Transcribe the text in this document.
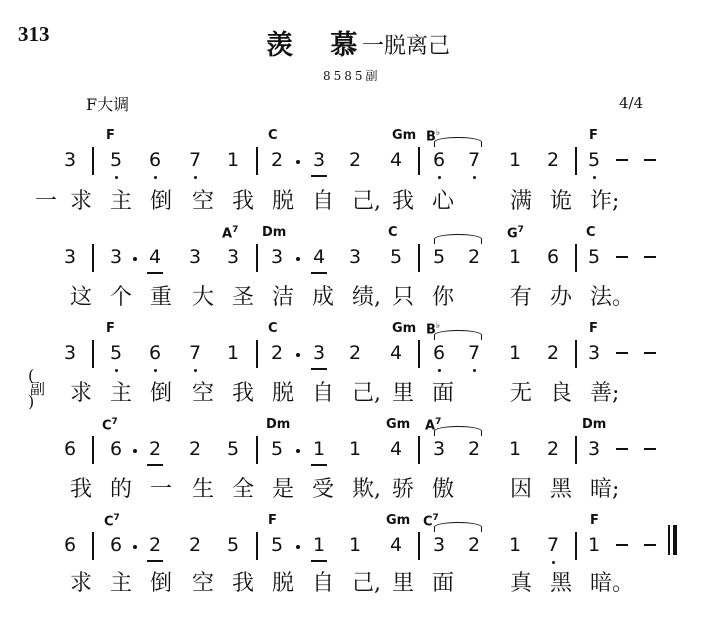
313	羡 慕
一脱离己
8585副
F大调	4/4
3 5 6 7 1 2 3 2 4 6 7 1 2 5
F	C	Gm B♭	F
一 求 主 倒 空 我 脱 自 己, 我 心	满 诡 诈;
3 3 4 3 3 3 4 3 5 5 2 1 6 5
$A^7$ Dm	C	$G^7$	C
这 个 重 大 圣 洁 成 绩, 只 你	有 办 法。
3 5 6 7 1 2 3 2 4 6 7 1 2 3
F	C	Gm B♭	F
求 主 倒 空 我 脱 自 己, 里 面	无 良 善;
6 6 2 2 5 5 1 1 4 3 2 1 2 3
$C^7$	Dm	Gm $A^7$	Dm
我 的 一 生 全 是 受 欺, 骄 傲	因 黑 暗;
6 6 2 2 5 5 1 1 4 3 2 1 7 1
$C^7$	F	Gm $C^7$	F
求 主 倒 空 我 脱 自 己, 里 面	真 黑 暗。
(
副
)
